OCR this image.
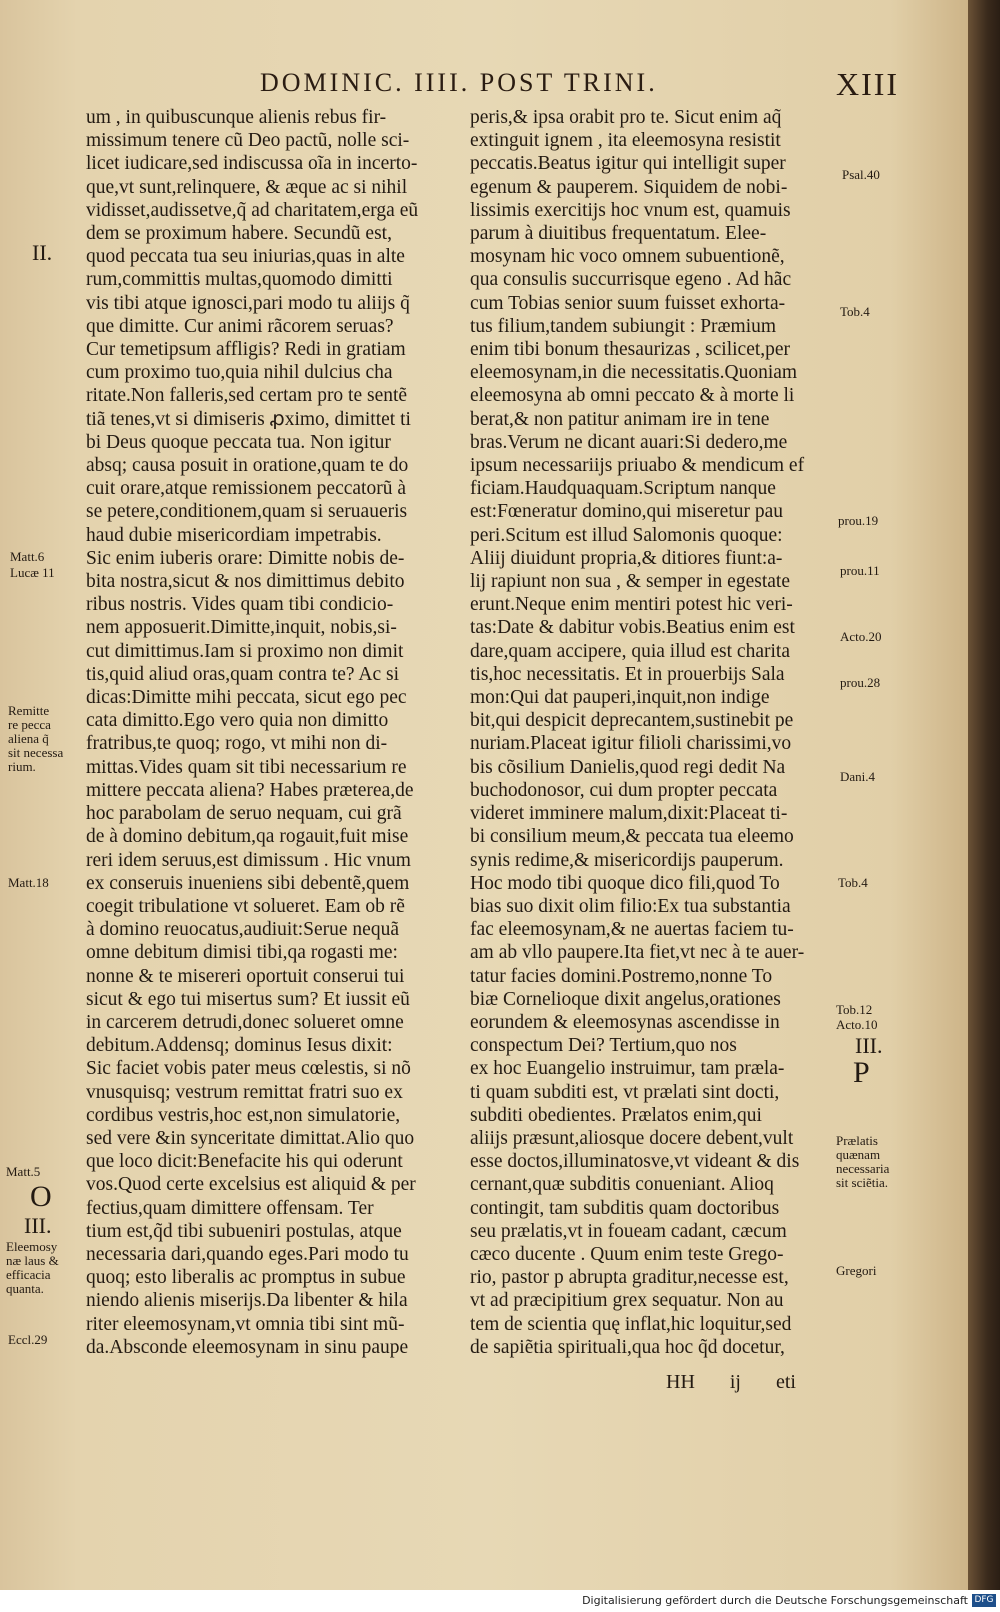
DOMINIC. IIII. POST TRINI.	XIII
um , in quibuscunque alienis rebus fir-
missimum tenere cũ Deo pactũ, nolle sci-
licet iudicare,sed indiscussa oĩa in incerto-
que,vt sunt,relinquere, & æque ac si nihil
vidisset,audissetve,q̃ ad charitatem,erga eũ
dem se proximum habere. Secundũ est,
quod peccata tua seu iniurias,quas in alte
rum,committis multas,quomodo dimitti
vis tibi atque ignosci,pari modo tu aliĳs q̃
que dimitte. Cur animi rãcorem seruas?
Cur temetipsum affligis? Redi in gratiam
cum proximo tuo,quia nihil dulcius cha
ritate.Non falleris,sed certam pro te sentẽ
tiã tenes,vt si dimiseris ꝓximo, dimittet ti
bi Deus quoque peccata tua. Non igitur
absq; causa posuit in oratione,quam te do
cuit orare,atque remissionem peccatorũ à
se petere,conditionem,quam si seruaueris
haud dubie misericordiam impetrabis.
Sic enim iuberis orare: Dimitte nobis de-
bita nostra,sicut & nos dimittimus debito
ribus nostris. Vides quam tibi condicio-
nem apposuerit.Dimitte,inquit, nobis,si-
cut dimittimus.Iam si proximo non dimit
tis,quid aliud oras,quam contra te? Ac si
dicas:Dimitte mihi peccata, sicut ego pec
cata dimitto.Ego vero quia non dimitto
fratribus,te quoq; rogo, vt mihi non di-
mittas.Vides quam sit tibi necessarium re
mittere peccata aliena? Habes præterea,de
hoc parabolam de seruo nequam, cui grã
de à domino debitum,qa rogauit,fuit mise
reri idem seruus,est dimissum . Hic vnum
ex conseruis inueniens sibi debentẽ,quem
coegit tribulatione vt solueret. Eam ob rẽ
à domino reuocatus,audiuit:Serue nequã
omne debitum dimisi tibi,qa rogasti me:
nonne & te misereri oportuit conserui tui
sicut & ego tui misertus sum? Et iussit eũ
in carcerem detrudi,donec solueret omne
debitum.Addensq; dominus Iesus dixit:
Sic faciet vobis pater meus cœlestis, si nõ
vnusquisq; vestrum remittat fratri suo ex
cordibus vestris,hoc est,non simulatorie,
sed vere &in synceritate dimittat.Alio quo
que loco dicit:Benefacite his qui oderunt
vos.Quod certe excelsius est aliquid & per
fectius,quam dimittere offensam. Ter
tium est,q̃d tibi subueniri postulas, atque
necessaria dari,quando eges.Pari modo tu
quoq; esto liberalis ac promptus in subue
niendo alienis miserĳs.Da libenter & hila
riter eleemosynam,vt omnia tibi sint mũ-
da.Absconde eleemosynam in sinu paupe
peris,& ipsa orabit pro te. Sicut enim aq̃
extinguit ignem , ita eleemosyna resistit
peccatis.Beatus igitur qui intelligit super
egenum & pauperem. Siquidem de nobi-
lissimis exercitĳs hoc vnum est, quamuis
parum à diuitibus frequentatum. Elee-
mosynam hic voco omnem subuentionẽ,
qua consulis succurrisque egeno . Ad hãc
cum Tobias senior suum fuisset exhorta-
tus filium,tandem subiungit : Præmium
enim tibi bonum thesaurizas , scilicet,per
eleemosynam,in die necessitatis.Quoniam
eleemosyna ab omni peccato & à morte li
berat,& non patitur animam ire in tene
bras.Verum ne dicant auari:Si dedero,me
ipsum necessariĳs priuabo & mendicum ef
ficiam.Haudquaquam.Scriptum nanque
est:Fœneratur domino,qui miseretur pau
peri.Scitum est illud Salomonis quoque:
Aliĳ diuidunt propria,& ditiores fiunt:a-
lĳ rapiunt non sua , & semper in egestate
erunt.Neque enim mentiri potest hic veri-
tas:Date & dabitur vobis.Beatius enim est
dare,quam accipere, quia illud est charita
tis,hoc necessitatis. Et in prouerbĳs Sala
mon:Qui dat pauperi,inquit,non indige
bit,qui despicit deprecantem,sustinebit pe
nuriam.Placeat igitur filioli charissimi,vo
bis cõsilium Danielis,quod regi dedit Na
buchodonosor, cui dum propter peccata
videret imminere malum,dixit:Placeat ti-
bi consilium meum,& peccata tua eleemo
synis redime,& misericordĳs pauperum.
Hoc modo tibi quoque dico fili,quod To
bias suo dixit olim filio:Ex tua substantia
fac eleemosynam,& ne auertas faciem tu-
am ab vllo paupere.Ita fiet,vt nec à te auer-
tatur facies domini.Postremo,nonne To
biæ Cornelioque dixit angelus,orationes
eorundem & eleemosynas ascendisse in
conspectum Dei? Tertium,quo nos
ex hoc Euangelio instruimur, tam præla-
ti quam subditi est, vt prælati sint docti,
subditi obedientes. Prælatos enim,qui
aliĳs præsunt,aliosque docere debent,vult
esse doctos,illuminatosve,vt videant & dis
cernant,quæ subditis conueniant. Alioq
contingit, tam subditis quam doctoribus
seu prælatis,vt in foueam cadant, cæcum
cæco ducente . Quum enim teste Grego-
rio, pastor p abrupta graditur,necesse est,
vt ad præcipitium grex sequatur. Non au
tem de scientia quę inflat,hic loquitur,sed
de sapiẽtia spirituali,qua hoc q̃d docetur,
II.
Matt.6
Lucæ 11
Remitte
re pecca
aliena q̃
sit necessa
rium.
Matt.18
Matt.5
O
III.
Eleemosy
næ laus &
efficacia
quanta.
Eccl.29
Psal.40
Tob.4
prou.19
prou.11
Acto.20
prou.28
Dani.4
Tob.4
Tob.12
Acto.10
III.
P
Prælatis
quænam
necessaria
sit sciẽtia.
Gregori
HH ĳ eti
Digitalisierung gefördert durch die Deutsche Forschungsgemeinschaft DFG
